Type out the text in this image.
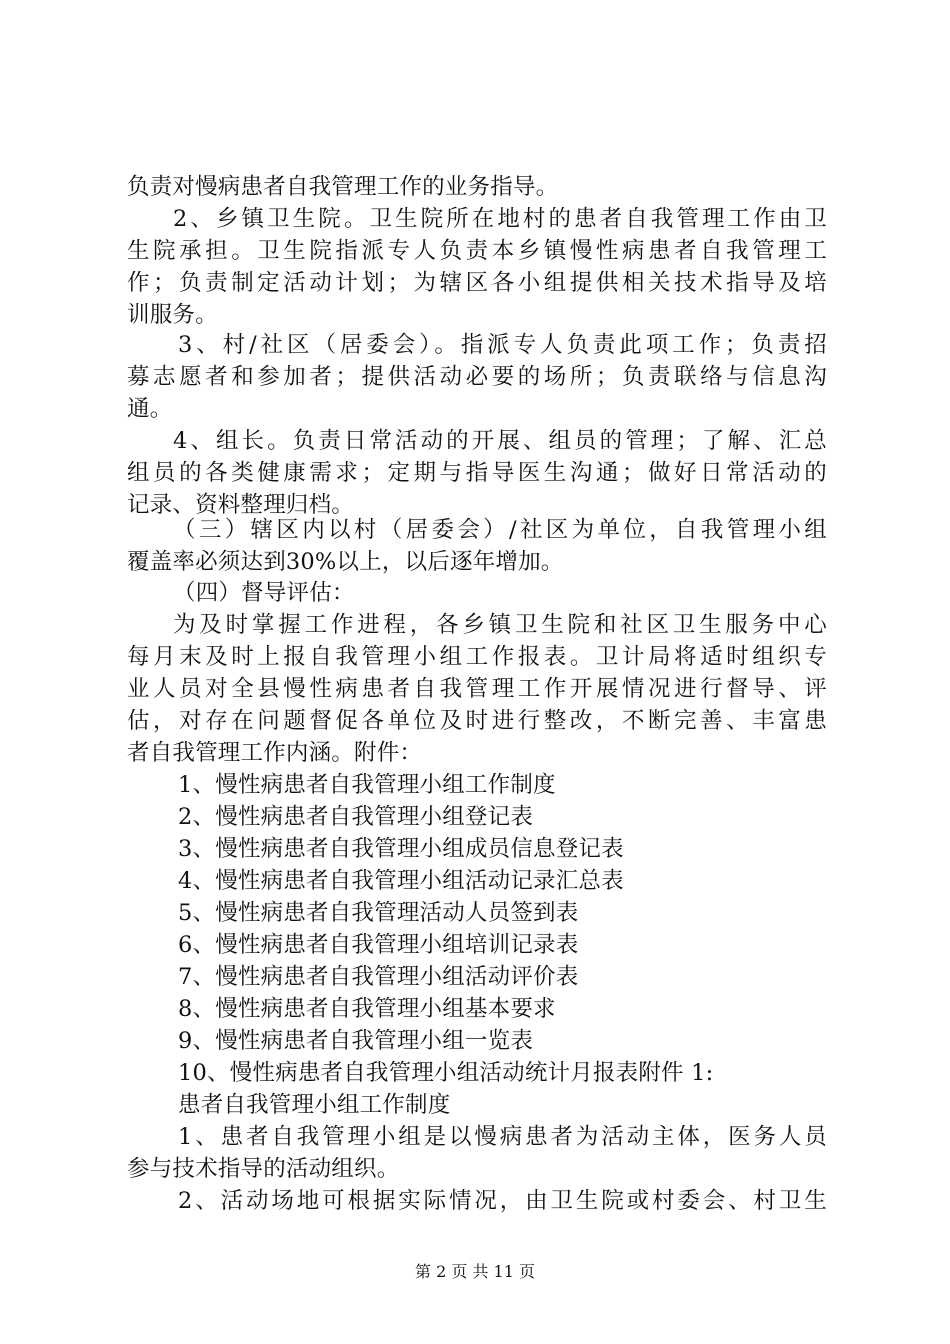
负责对慢病患者自我管理工作的业务指导。
2、乡镇卫生院。卫生院所在地村的患者自我管理工作由卫
生院承担。卫生院指派专人负责本乡镇慢性病患者自我管理工
作；负责制定活动计划；为辖区各小组提供相关技术指导及培
训服务。
3、村/社区（居委会）。指派专人负责此项工作；负责招
募志愿者和参加者；提供活动必要的场所；负责联络与信息沟
通。
4、组长。负责日常活动的开展、组员的管理；了解、汇总
组员的各类健康需求；定期与指导医生沟通；做好日常活动的
记录、资料整理归档。
（三）辖区内以村（居委会）/社区为单位，自我管理小组
覆盖率必须达到30%以上，以后逐年增加。
（四）督导评估：
为及时掌握工作进程，各乡镇卫生院和社区卫生服务中心
每月末及时上报自我管理小组工作报表。卫计局将适时组织专
业人员对全县慢性病患者自我管理工作开展情况进行督导、评
估，对存在问题督促各单位及时进行整改，不断完善、丰富患
者自我管理工作内涵。附件：
1、慢性病患者自我管理小组工作制度
2、慢性病患者自我管理小组登记表
3、慢性病患者自我管理小组成员信息登记表
4、慢性病患者自我管理小组活动记录汇总表
5、慢性病患者自我管理活动人员签到表
6、慢性病患者自我管理小组培训记录表
7、慢性病患者自我管理小组活动评价表
8、慢性病患者自我管理小组基本要求
9、慢性病患者自我管理小组一览表
10、慢性病患者自我管理小组活动统计月报表附件 1:
患者自我管理小组工作制度
1、患者自我管理小组是以慢病患者为活动主体，医务人员
参与技术指导的活动组织。
2、活动场地可根据实际情况，由卫生院或村委会、村卫生
第 2 页 共 11 页
